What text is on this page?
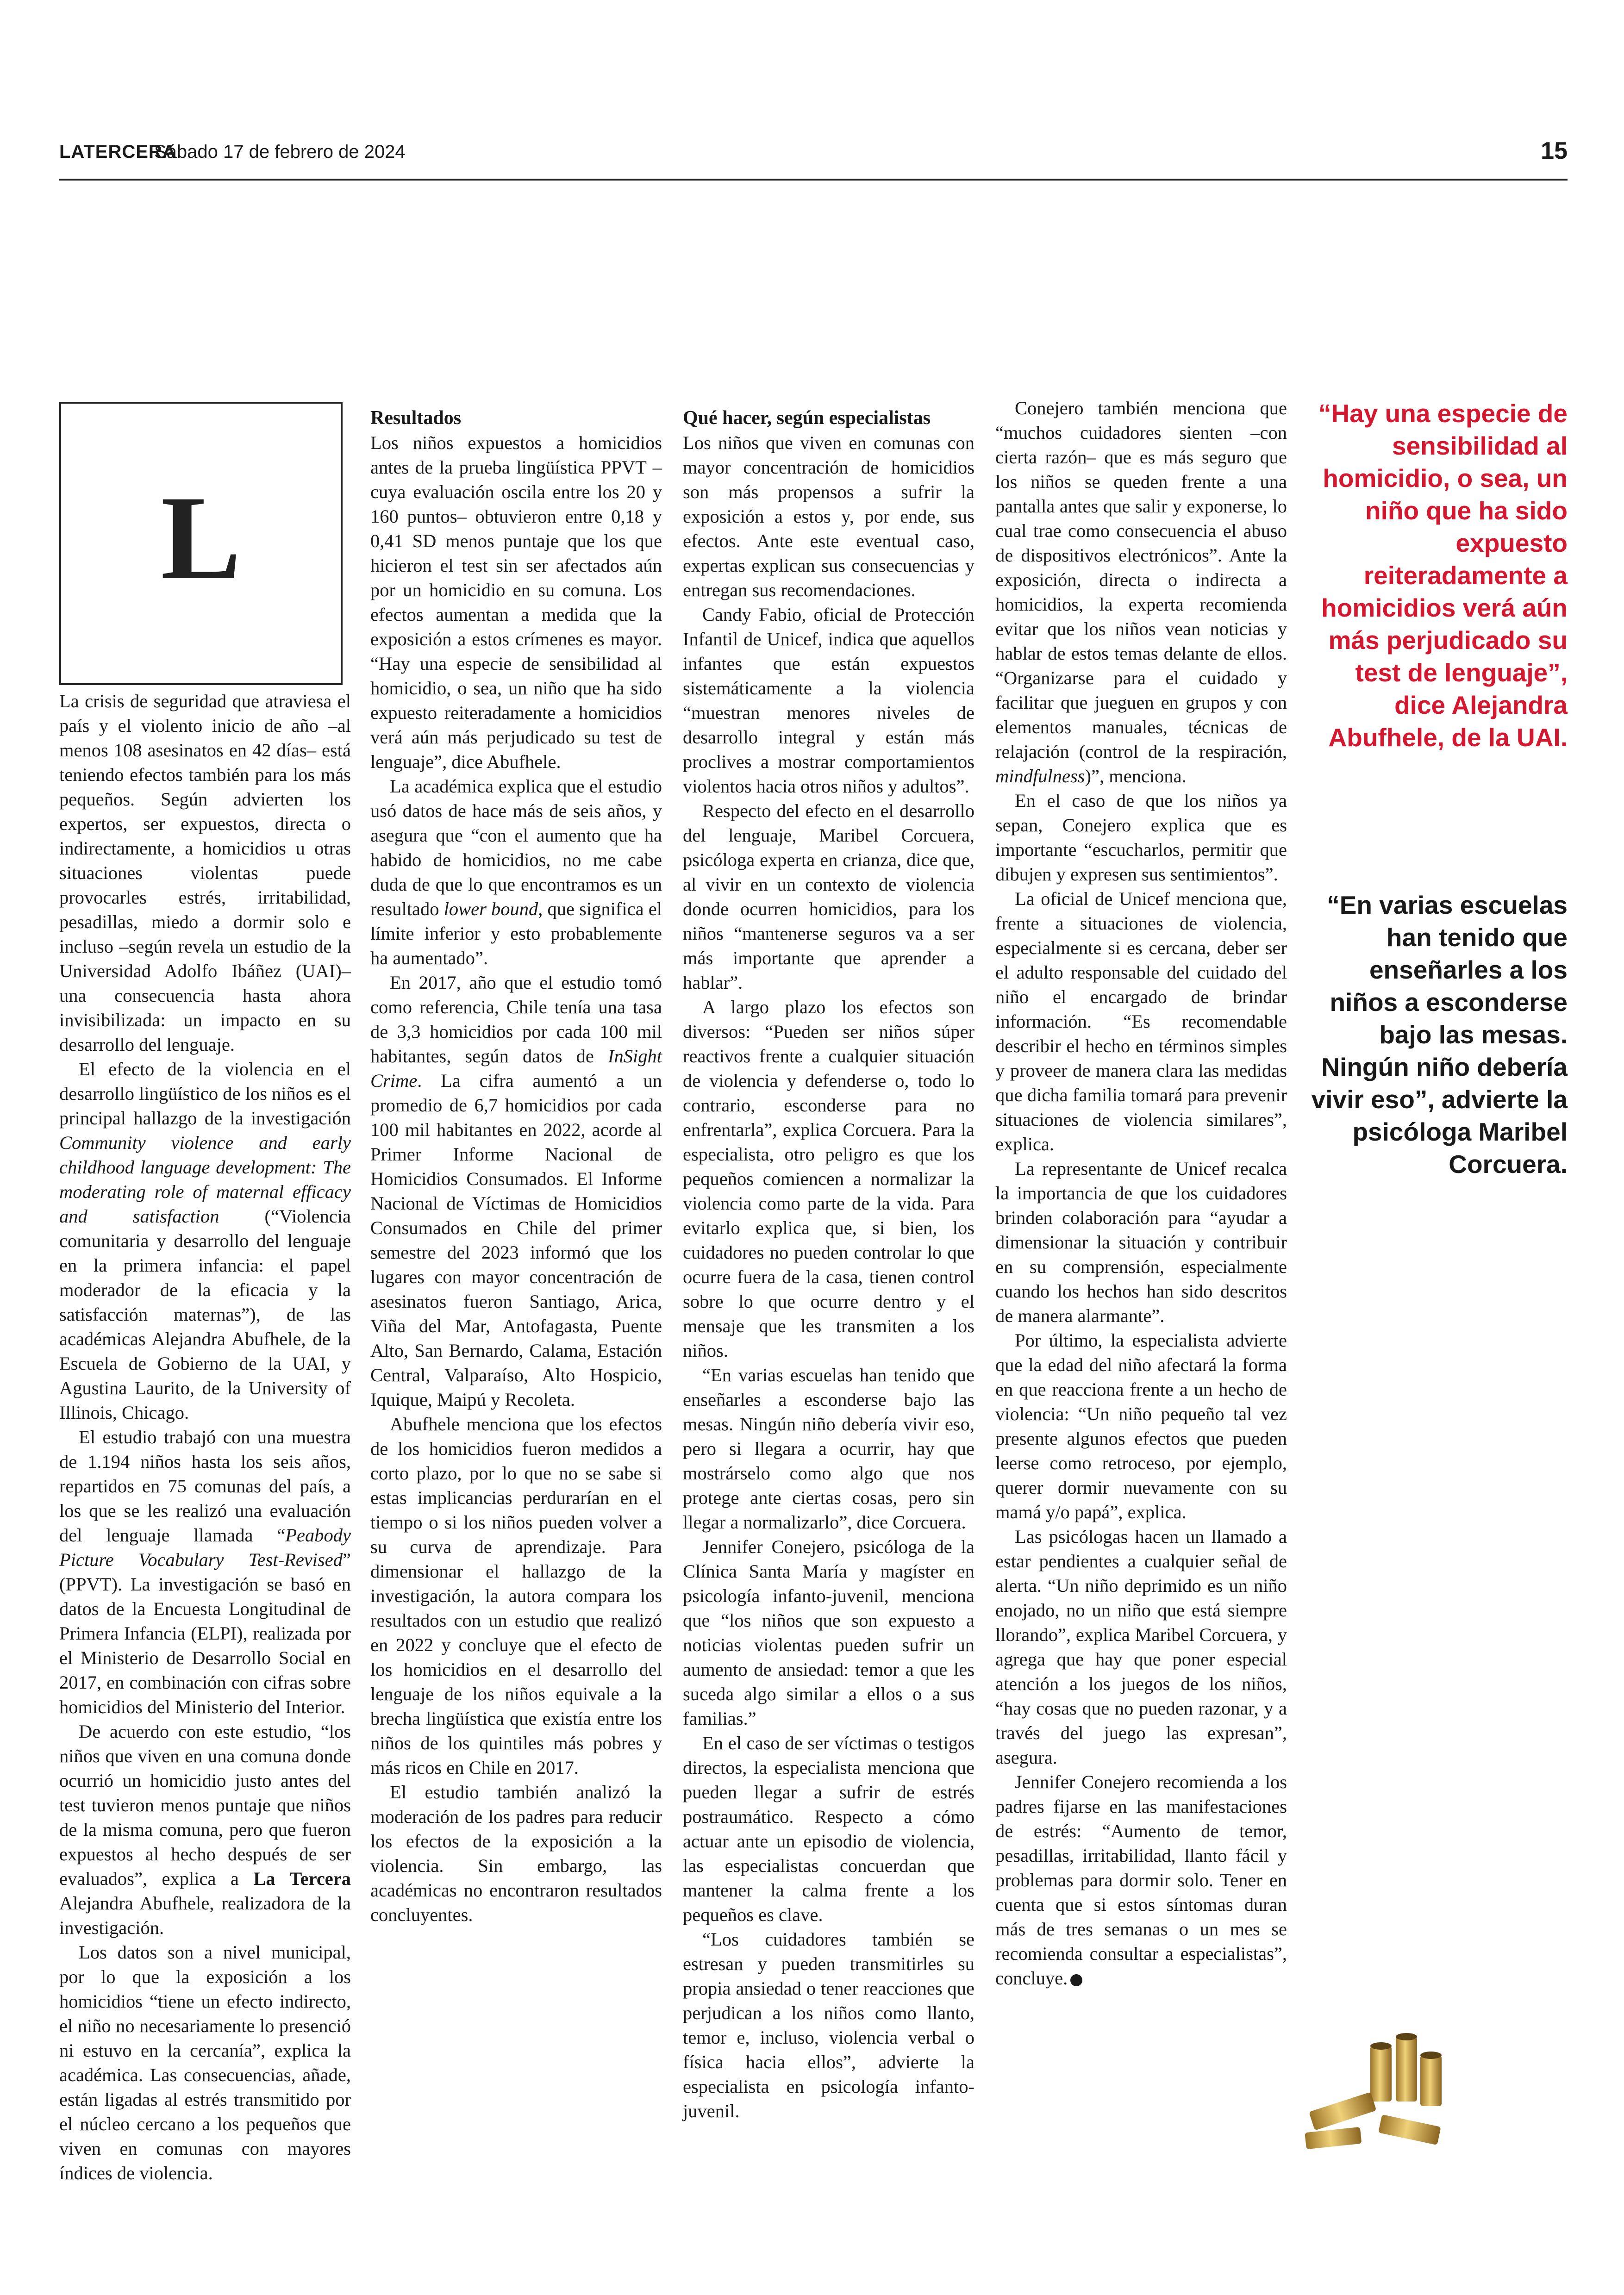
LATERCERA
Sábado 17 de febrero de 2024	15
L

La crisis de seguridad que atraviesa el país y el violento inicio de año –al menos 108 asesinatos en 42 días– está teniendo efectos también para los más pequeños. Según advierten los expertos, ser expuestos, directa o indirectamente, a homicidios u otras situaciones violentas puede provocarles estrés, irritabilidad, pesadillas, miedo a dormir solo e incluso –según revela un estudio de la Universidad Adolfo Ibáñez (UAI)– una consecuencia hasta ahora invisibilizada: un impacto en su desarrollo del lenguaje.

El efecto de la violencia en el desarrollo lingüístico de los niños es el principal hallazgo de la investigación Community violence and early childhood language development: The moderating role of maternal efficacy and satisfaction (“Violencia comunitaria y desarrollo del lenguaje en la primera infancia: el papel moderador de la eficacia y la satisfacción maternas”), de las académicas Alejandra Abufhele, de la Escuela de Gobierno de la UAI, y Agustina Laurito, de la University of Illinois, Chicago.

El estudio trabajó con una muestra de 1.194 niños hasta los seis años, repartidos en 75 comunas del país, a los que se les realizó una evaluación del lenguaje llamada “Peabody Picture Vocabulary Test-Revised” (PPVT). La investigación se basó en datos de la Encuesta Longitudinal de Primera Infancia (ELPI), realizada por el Ministerio de Desarrollo Social en 2017, en combinación con cifras sobre homicidios del Ministerio del Interior.

De acuerdo con este estudio, “los niños que viven en una comuna donde ocurrió un homicidio justo antes del test tuvieron menos puntaje que niños de la misma comuna, pero que fueron expuestos al hecho después de ser evaluados”, explica a La Tercera Alejandra Abufhele, realizadora de la investigación.

Los datos son a nivel municipal, por lo que la exposición a los homicidios “tiene un efecto indirecto, el niño no necesariamente lo presenció ni estuvo en la cercanía”, explica la académica. Las consecuencias, añade, están ligadas al estrés transmitido por el núcleo cercano a los pequeños que viven en comunas con mayores índices de violencia.

Resultados

Los niños expuestos a homicidios antes de la prueba lingüística PPVT –cuya evaluación oscila entre los 20 y 160 puntos– obtuvieron entre 0,18 y 0,41 SD menos puntaje que los que hicieron el test sin ser afectados aún por un homicidio en su comuna. Los efectos aumentan a medida que la exposición a estos crímenes es mayor. “Hay una especie de sensibilidad al homicidio, o sea, un niño que ha sido expuesto reiteradamente a homicidios verá aún más perjudicado su test de lenguaje”, dice Abufhele.

La académica explica que el estudio usó datos de hace más de seis años, y asegura que “con el aumento que ha habido de homicidios, no me cabe duda de que lo que encontramos es un resultado lower bound, que significa el límite inferior y esto probablemente ha aumentado”.

En 2017, año que el estudio tomó como referencia, Chile tenía una tasa de 3,3 homicidios por cada 100 mil habitantes, según datos de InSight Crime. La cifra aumentó a un promedio de 6,7 homicidios por cada 100 mil habitantes en 2022, acorde al Primer Informe Nacional de Homicidios Consumados. El Informe Nacional de Víctimas de Homicidios Consumados en Chile del primer semestre del 2023 informó que los lugares con mayor concentración de asesinatos fueron Santiago, Arica, Viña del Mar, Antofagasta, Puente Alto, San Bernardo, Calama, Estación Central, Valparaíso, Alto Hospicio, Iquique, Maipú y Recoleta.

Abufhele menciona que los efectos de los homicidios fueron medidos a corto plazo, por lo que no se sabe si estas implicancias perdurarían en el tiempo o si los niños pueden volver a su curva de aprendizaje. Para dimensionar el hallazgo de la investigación, la autora compara los resultados con un estudio que realizó en 2022 y concluye que el efecto de los homicidios en el desarrollo del lenguaje de los niños equivale a la brecha lingüística que existía entre los niños de los quintiles más pobres y más ricos en Chile en 2017.

El estudio también analizó la moderación de los padres para reducir los efectos de la exposición a la violencia. Sin embargo, las académicas no encontraron resultados concluyentes.

Qué hacer, según especialistas

Los niños que viven en comunas con mayor concentración de homicidios son más propensos a sufrir la exposición a estos y, por ende, sus efectos. Ante este eventual caso, expertas explican sus consecuencias y entregan sus recomendaciones.

Candy Fabio, oficial de Protección Infantil de Unicef, indica que aquellos infantes que están expuestos sistemáticamente a la violencia “muestran menores niveles de desarrollo integral y están más proclives a mostrar comportamientos violentos hacia otros niños y adultos”.

Respecto del efecto en el desarrollo del lenguaje, Maribel Corcuera, psicóloga experta en crianza, dice que, al vivir en un contexto de violencia donde ocurren homicidios, para los niños “mantenerse seguros va a ser más importante que aprender a hablar”.

A largo plazo los efectos son diversos: “Pueden ser niños súper reactivos frente a cualquier situación de violencia y defenderse o, todo lo contrario, esconderse para no enfrentarla”, explica Corcuera. Para la especialista, otro peligro es que los pequeños comiencen a normalizar la violencia como parte de la vida. Para evitarlo explica que, si bien, los cuidadores no pueden controlar lo que ocurre fuera de la casa, tienen control sobre lo que ocurre dentro y el mensaje que les transmiten a los niños.

“En varias escuelas han tenido que enseñarles a esconderse bajo las mesas. Ningún niño debería vivir eso, pero si llegara a ocurrir, hay que mostrárselo como algo que nos protege ante ciertas cosas, pero sin llegar a normalizarlo”, dice Corcuera.

Jennifer Conejero, psicóloga de la Clínica Santa María y magíster en psicología infanto-juvenil, menciona que “los niños que son expuesto a noticias violentas pueden sufrir un aumento de ansiedad: temor a que les suceda algo similar a ellos o a sus familias.”

En el caso de ser víctimas o testigos directos, la especialista menciona que pueden llegar a sufrir de estrés postraumático. Respecto a cómo actuar ante un episodio de violencia, las especialistas concuerdan que mantener la calma frente a los pequeños es clave.

“Los cuidadores también se estresan y pueden transmitirles su propia ansiedad o tener reacciones que perjudican a los niños como llanto, temor e, incluso, violencia verbal o física hacia ellos”, advierte la especialista en psicología infanto-juvenil.

Conejero también menciona que “muchos cuidadores sienten –con cierta razón– que es más seguro que los niños se queden frente a una pantalla antes que salir y exponerse, lo cual trae como consecuencia el abuso de dispositivos electrónicos”. Ante la exposición, directa o indirecta a homicidios, la experta recomienda evitar que los niños vean noticias y hablar de estos temas delante de ellos. “Organizarse para el cuidado y facilitar que jueguen en grupos y con elementos manuales, técnicas de relajación (control de la respiración, mindfulness)”, menciona.

En el caso de que los niños ya sepan, Conejero explica que es importante “escucharlos, permitir que dibujen y expresen sus sentimientos”.

La oficial de Unicef menciona que, frente a situaciones de violencia, especialmente si es cercana, deber ser el adulto responsable del cuidado del niño el encargado de brindar información. “Es recomendable describir el hecho en términos simples y proveer de manera clara las medidas que dicha familia tomará para prevenir situaciones de violencia similares”, explica.

La representante de Unicef recalca la importancia de que los cuidadores brinden colaboración para “ayudar a dimensionar la situación y contribuir en su comprensión, especialmente cuando los hechos han sido descritos de manera alarmante”.

Por último, la especialista advierte que la edad del niño afectará la forma en que reacciona frente a un hecho de violencia: “Un niño pequeño tal vez presente algunos efectos que pueden leerse como retroceso, por ejemplo, querer dormir nuevamente con su mamá y/o papá”, explica.

Las psicólogas hacen un llamado a estar pendientes a cualquier señal de alerta. “Un niño deprimido es un niño enojado, no un niño que está siempre llorando”, explica Maribel Corcuera, y agrega que hay que poner especial atención a los juegos de los niños, “hay cosas que no pueden razonar, y a través del juego las expresan”, asegura.

Jennifer Conejero recomienda a los padres fijarse en las manifestaciones de estrés: “Aumento de temor, pesadillas, irritabilidad, llanto fácil y problemas para dormir solo. Tener en cuenta que si estos síntomas duran más de tres semanas o un mes se recomienda consultar a especialistas”, concluye.

“Hay una especie de sensibilidad al homicidio, o sea, un niño que ha sido expuesto reiteradamente a homicidios verá aún más perjudicado su test de lenguaje”, dice Alejandra Abufhele, de la UAI.
“En varias escuelas han tenido que enseñarles a los niños a esconderse bajo las mesas. Ningún niño debería vivir eso”, advierte la psicóloga Maribel Corcuera.
